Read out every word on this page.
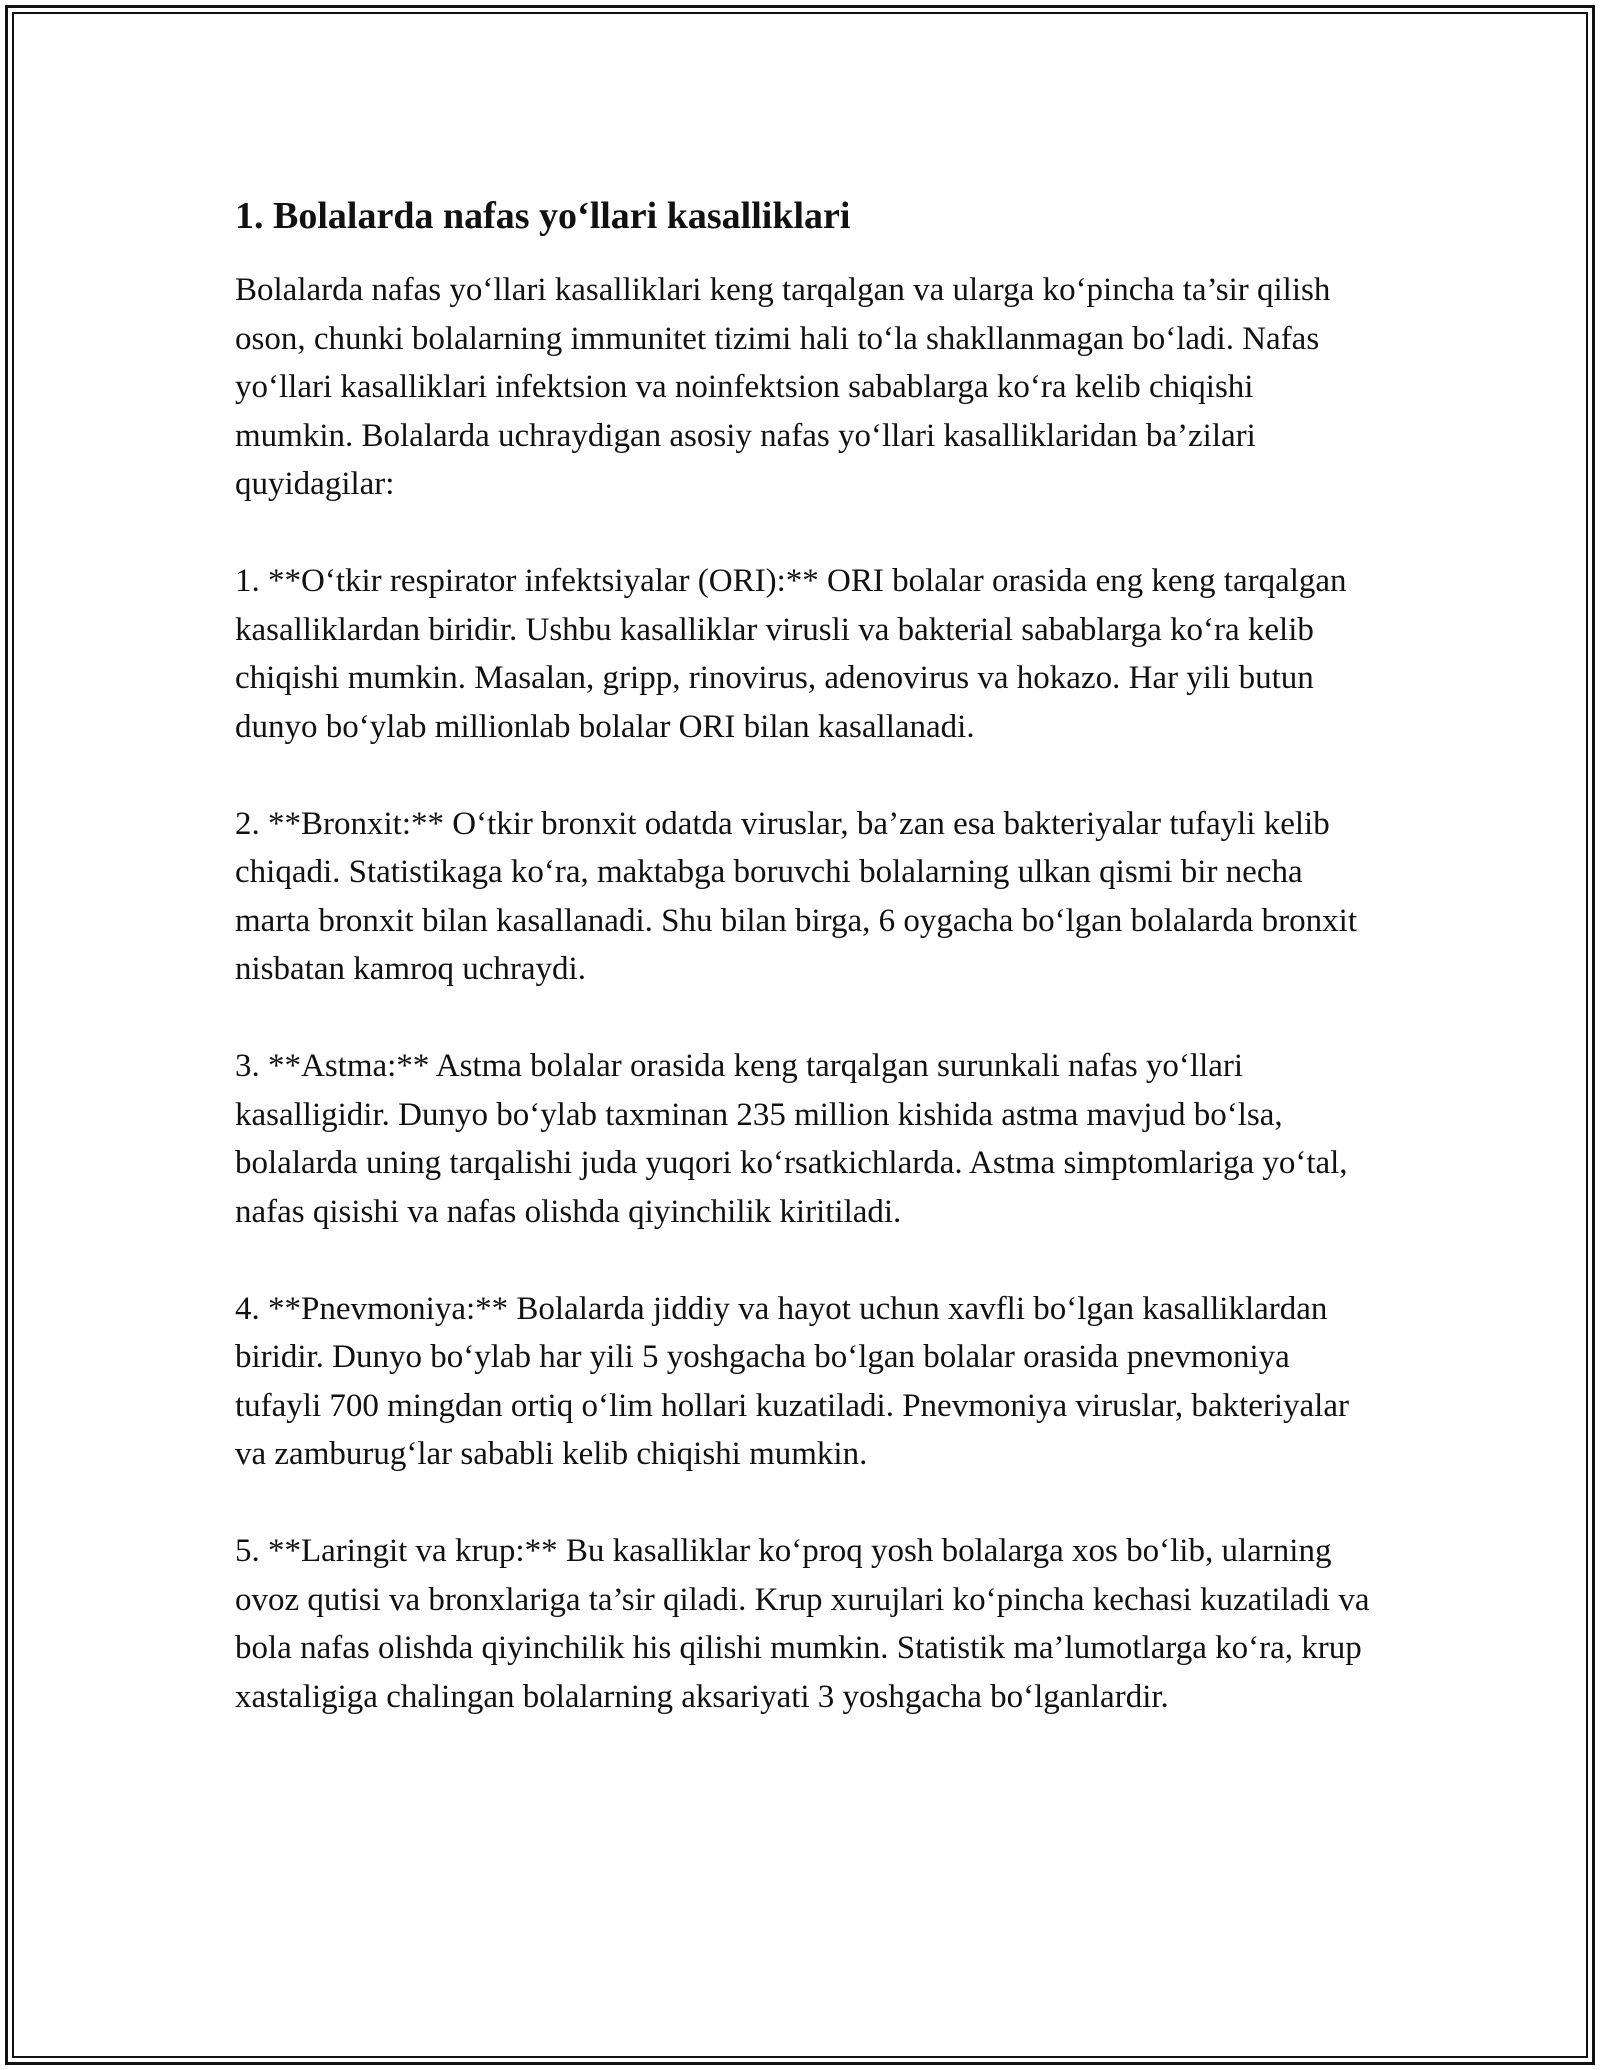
1. Bolalarda nafas yo‘llari kasalliklari

Bolalarda nafas yo‘llari kasalliklari keng tarqalgan va ularga ko‘pincha ta’sir qilish oson, chunki bolalarning immunitet tizimi hali to‘la shakllanmagan bo‘ladi. Nafas yo‘llari kasalliklari infektsion va noinfektsion sabablarga ko‘ra kelib chiqishi mumkin. Bolalarda uchraydigan asosiy nafas yo‘llari kasalliklaridan ba’zilari quyidagilar:

1. **O‘tkir respirator infektsiyalar (ORI):** ORI bolalar orasida eng keng tarqalgan kasalliklardan biridir. Ushbu kasalliklar virusli va bakterial sabablarga ko‘ra kelib chiqishi mumkin. Masalan, gripp, rinovirus, adenovirus va hokazo. Har yili butun dunyo bo‘ylab millionlab bolalar ORI bilan kasallanadi.

2. **Bronxit:** O‘tkir bronxit odatda viruslar, ba’zan esa bakteriyalar tufayli kelib chiqadi. Statistikaga ko‘ra, maktabga boruvchi bolalarning ulkan qismi bir necha marta bronxit bilan kasallanadi. Shu bilan birga, 6 oygacha bo‘lgan bolalarda bronxit nisbatan kamroq uchraydi.

3. **Astma:** Astma bolalar orasida keng tarqalgan surunkali nafas yo‘llari kasalligidir. Dunyo bo‘ylab taxminan 235 million kishida astma mavjud bo‘lsa, bolalarda uning tarqalishi juda yuqori ko‘rsatkichlarda. Astma simptomlariga yo‘tal, nafas qisishi va nafas olishda qiyinchilik kiritiladi.

4. **Pnevmoniya:** Bolalarda jiddiy va hayot uchun xavfli bo‘lgan kasalliklardan biridir. Dunyo bo‘ylab har yili 5 yoshgacha bo‘lgan bolalar orasida pnevmoniya tufayli 700 mingdan ortiq o‘lim hollari kuzatiladi. Pnevmoniya viruslar, bakteriyalar va zamburug‘lar sababli kelib chiqishi mumkin.

5. **Laringit va krup:** Bu kasalliklar ko‘proq yosh bolalarga xos bo‘lib, ularning ovoz qutisi va bronxlariga ta’sir qiladi. Krup xurujlari ko‘pincha kechasi kuzatiladi va bola nafas olishda qiyinchilik his qilishi mumkin. Statistik ma’lumotlarga ko‘ra, krup xastaligiga chalingan bolalarning aksariyati 3 yoshgacha bo‘lganlardir.
